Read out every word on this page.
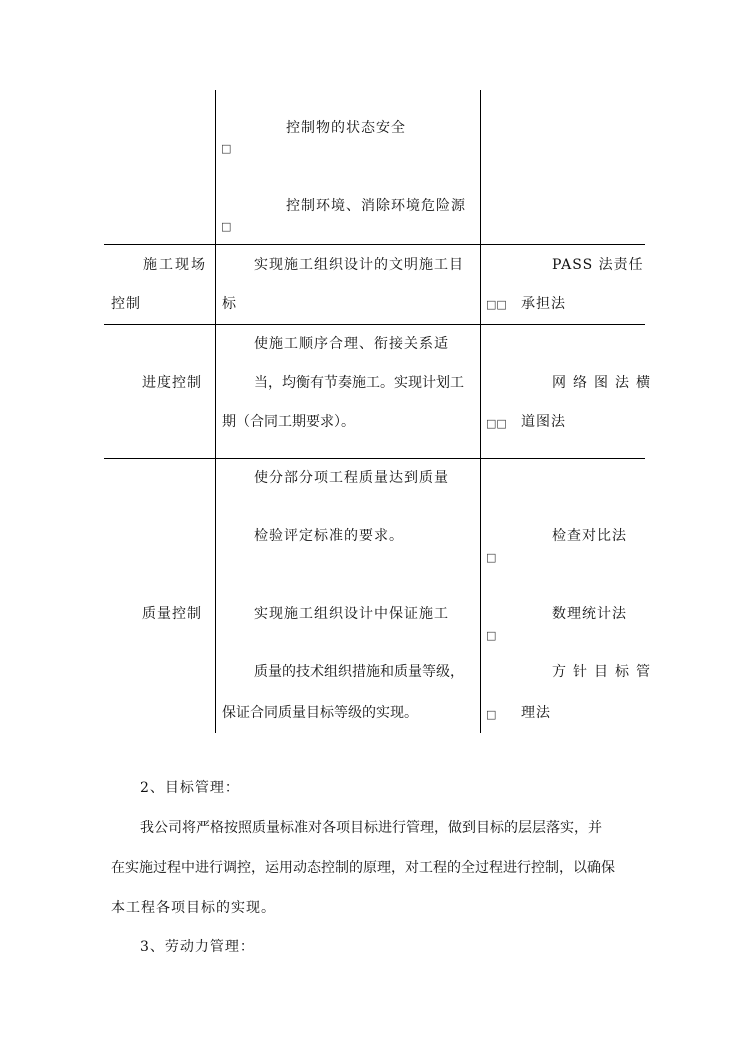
控制物的状态安全
□
控制环境、消除环境危险源
□
施工现场
控制
实现施工组织设计的文明施工目
标
PASS 法责任
□□ 承担法
进度控制
使施工顺序合理、衔接关系适
当，均衡有节奏施工。实现计划工
期（合同工期要求）。
网络图法横
□□ 道图法
质量控制
使分部分项工程质量达到质量
检验评定标准的要求。
实现施工组织设计中保证施工
质量的技术组织措施和质量等级，
保证合同质量目标等级的实现。
检查对比法
□
数理统计法
□
方针目标管
□ 理法
2、目标管理：
我公司将严格按照质量标准对各项目标进行管理，做到目标的层层落实，并
在实施过程中进行调控，运用动态控制的原理，对工程的全过程进行控制，以确保
本工程各项目标的实现。
3、劳动力管理：
